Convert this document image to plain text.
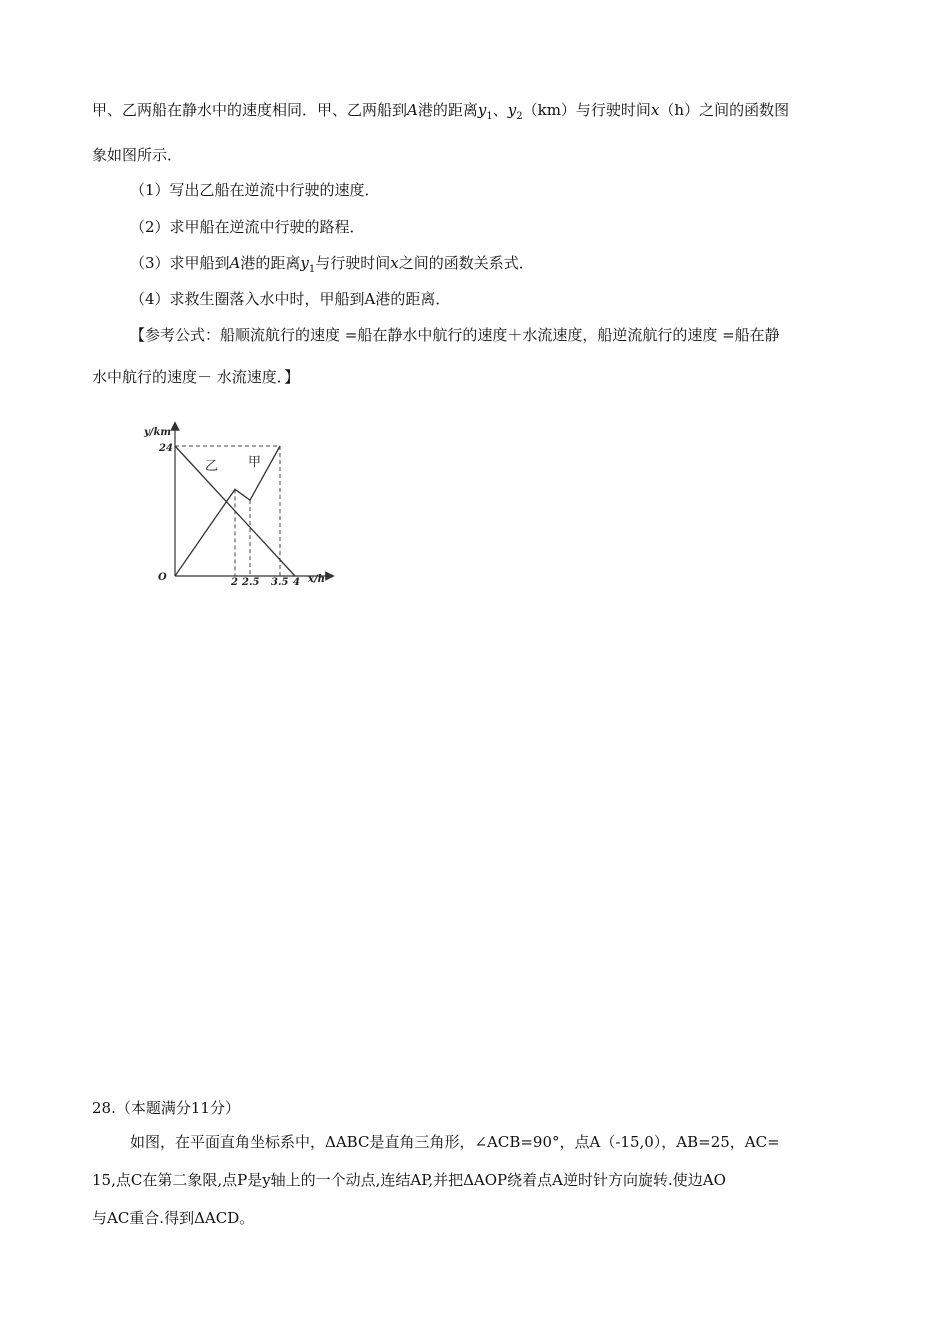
甲、乙两船在静水中的速度相同．甲、乙两船到A港的距离$y_1$、$y_2(km)$与行驶时间x（h）之间的函数图
象如图所示．
（1）写出乙船在逆流中行驶的速度．
（2）求甲船在逆流中行驶的路程．
（3）求甲船到A港的距离$y_1$与行驶时间x之间的函数关系式．
（4）求救生圈落入水中时，甲船到A港的距离．
【参考公式：船顺流航行的速度 =船在静水中航行的速度＋水流速度，船逆流航行的速度 =船在静
水中航行的速度－ 水流速度．】
y/km
O	x/h
24
2 2.5 3.5 4
乙 甲
28.（本题满分11分）
如图，在平面直角坐标系中，ΔABC是直角三角形，∠ACB=90°，点A（-15,0），AB=25，AC=
15,点C在第二象限,点P是y轴上的一个动点,连结AP,并把ΔAOP绕着点A逆时针方向旋转.使边AO
与AC重合.得到ΔACD。
